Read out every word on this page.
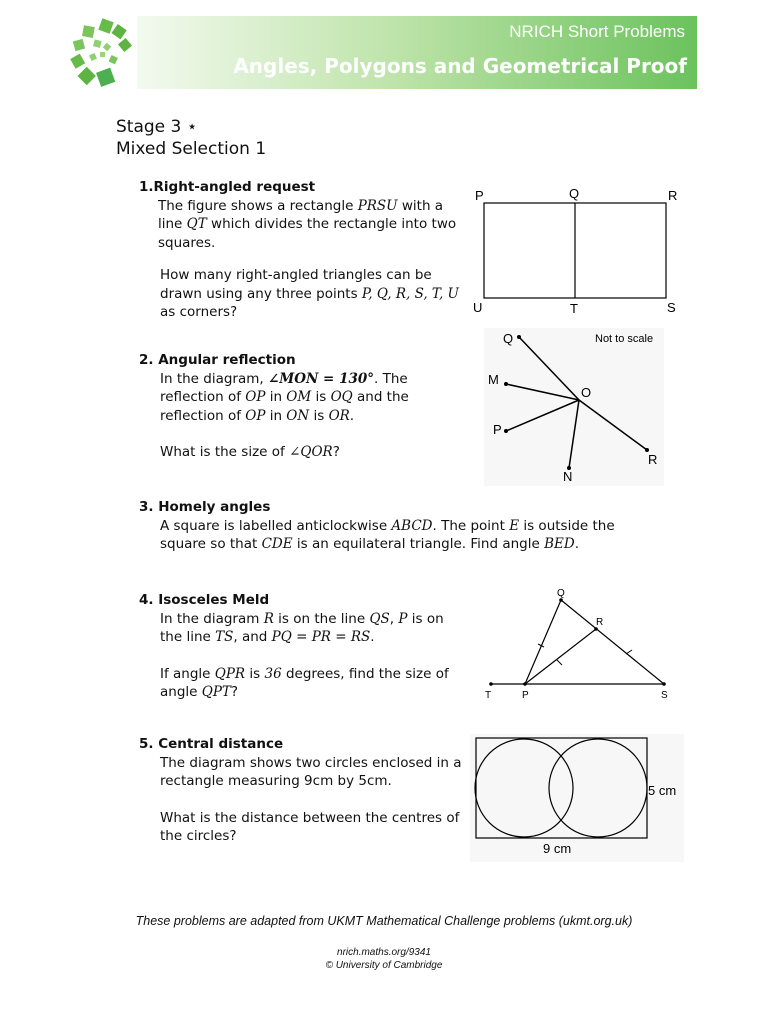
NRICH Short Problems
Angles, Polygons and Geometrical Proof
Stage 3 ⋆
Mixed Selection 1
1.Right-angled request

The figure shows a rectangle PRSU with a line QT which divides the rectangle into two squares.

How many right-angled triangles can be drawn using any three points P, Q, R, S, T, U as corners?

P	Q	R
U	T	S
2. Angular reflection

In the diagram, ∠MON = 130°. The reflection of OP in OM is OQ and the reflection of OP in ON is OR.

What is the size of ∠QOR?

Q
M
O
P
N
R
Not to scale
3. Homely angles

A square is labelled anticlockwise ABCD. The point E is outside the square so that CDE is an equilateral triangle. Find angle BED.

4. Isosceles Meld

In the diagram R is on the line QS, P is on the line TS, and PQ = PR = RS.

If angle QPR is 36 degrees, find the size of angle QPT?

Q
R
T	P	S
5. Central distance

The diagram shows two circles enclosed in a rectangle measuring 9cm by 5cm.

What is the distance between the centres of the circles?

5 cm
9 cm
These problems are adapted from UKMT Mathematical Challenge problems (ukmt.org.uk)
nrich.maths.org/9341
© University of Cambridge
